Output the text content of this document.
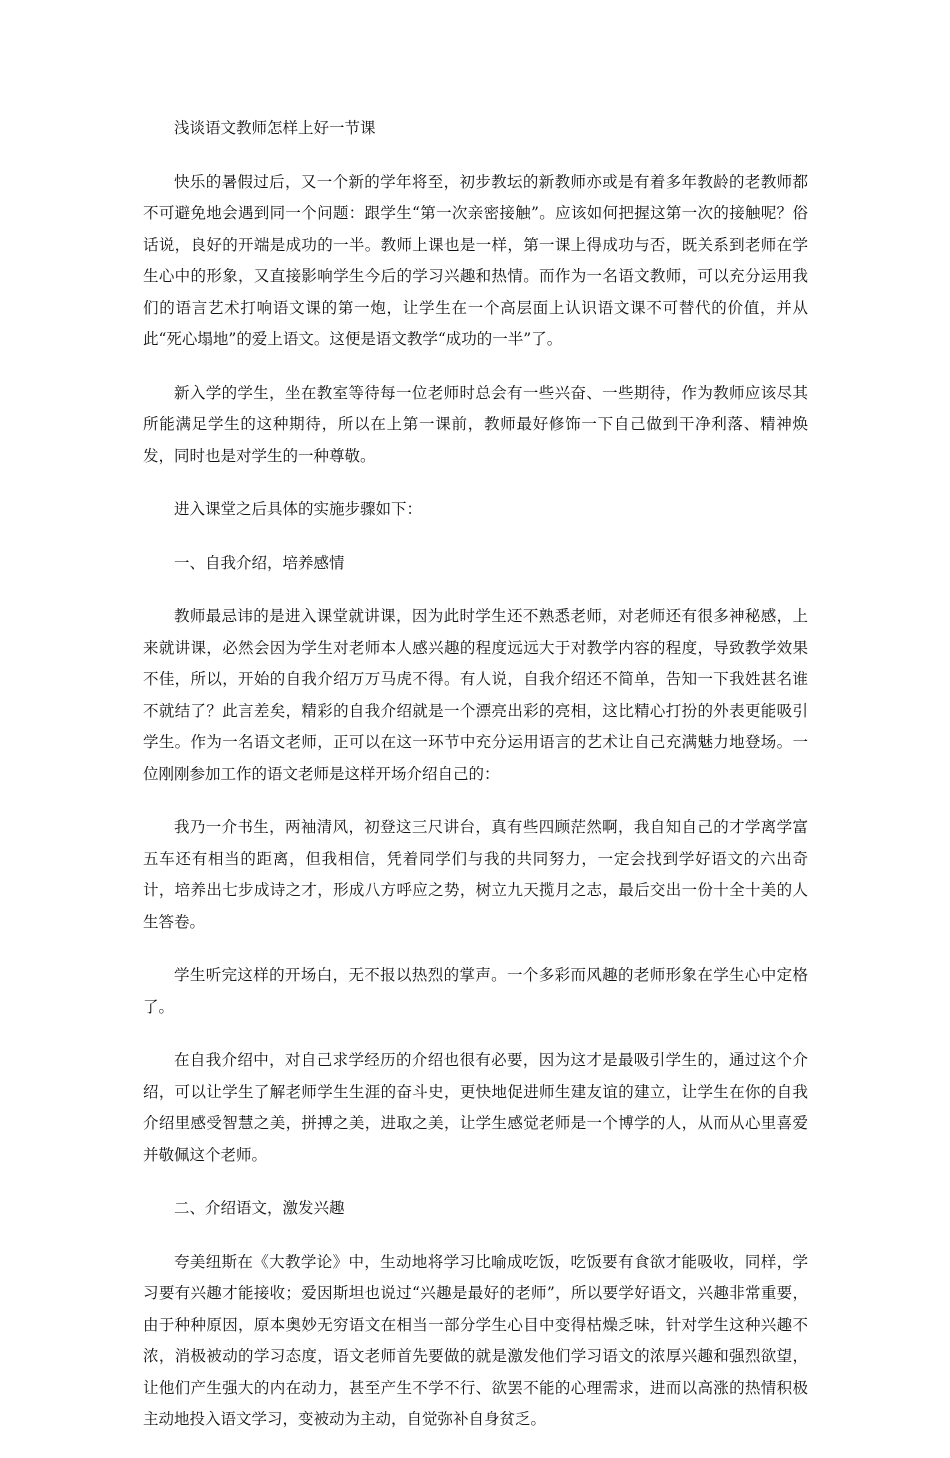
浅谈语文教师怎样上好一节课

快乐的暑假过后，又一个新的学年将至，初步教坛的新教师亦或是有着多年教龄的老教师都不可避免地会遇到同一个问题：跟学生“第一次亲密接触”。应该如何把握这第一次的接触呢？俗话说，良好的开端是成功的一半。教师上课也是一样，第一课上得成功与否，既关系到老师在学生心中的形象，又直接影响学生今后的学习兴趣和热情。而作为一名语文教师，可以充分运用我们的语言艺术打响语文课的第一炮，让学生在一个高层面上认识语文课不可替代的价值，并从此“死心塌地”的爱上语文。这便是语文教学“成功的一半”了。

新入学的学生，坐在教室等待每一位老师时总会有一些兴奋、一些期待，作为教师应该尽其所能满足学生的这种期待，所以在上第一课前，教师最好修饰一下自己做到干净利落、精神焕发，同时也是对学生的一种尊敬。

进入课堂之后具体的实施步骤如下：

一、自我介绍，培养感情

教师最忌讳的是进入课堂就讲课，因为此时学生还不熟悉老师，对老师还有很多神秘感，上来就讲课，必然会因为学生对老师本人感兴趣的程度远远大于对教学内容的程度，导致教学效果不佳，所以，开始的自我介绍万万马虎不得。有人说，自我介绍还不简单，告知一下我姓甚名谁不就结了？此言差矣，精彩的自我介绍就是一个漂亮出彩的亮相，这比精心打扮的外表更能吸引学生。作为一名语文老师，正可以在这一环节中充分运用语言的艺术让自己充满魅力地登场。一位刚刚参加工作的语文老师是这样开场介绍自己的：

我乃一介书生，两袖清风，初登这三尺讲台，真有些四顾茫然啊，我自知自己的才学离学富五车还有相当的距离，但我相信，凭着同学们与我的共同努力，一定会找到学好语文的六出奇计，培养出七步成诗之才，形成八方呼应之势，树立九天揽月之志，最后交出一份十全十美的人生答卷。

学生听完这样的开场白，无不报以热烈的掌声。一个多彩而风趣的老师形象在学生心中定格了。

在自我介绍中，对自己求学经历的介绍也很有必要，因为这才是最吸引学生的，通过这个介绍，可以让学生了解老师学生生涯的奋斗史，更快地促进师生建友谊的建立，让学生在你的自我介绍里感受智慧之美，拼搏之美，进取之美，让学生感觉老师是一个博学的人，从而从心里喜爱并敬佩这个老师。

二、介绍语文，激发兴趣

夸美纽斯在《大教学论》中，生动地将学习比喻成吃饭，吃饭要有食欲才能吸收，同样，学习要有兴趣才能接收；爱因斯坦也说过“兴趣是最好的老师”，所以要学好语文，兴趣非常重要，由于种种原因，原本奥妙无穷语文在相当一部分学生心目中变得枯燥乏味，针对学生这种兴趣不浓，消极被动的学习态度，语文老师首先要做的就是激发他们学习语文的浓厚兴趣和强烈欲望，让他们产生强大的内在动力，甚至产生不学不行、欲罢不能的心理需求，进而以高涨的热情积极主动地投入语文学习，变被动为主动，自觉弥补自身贫乏。
